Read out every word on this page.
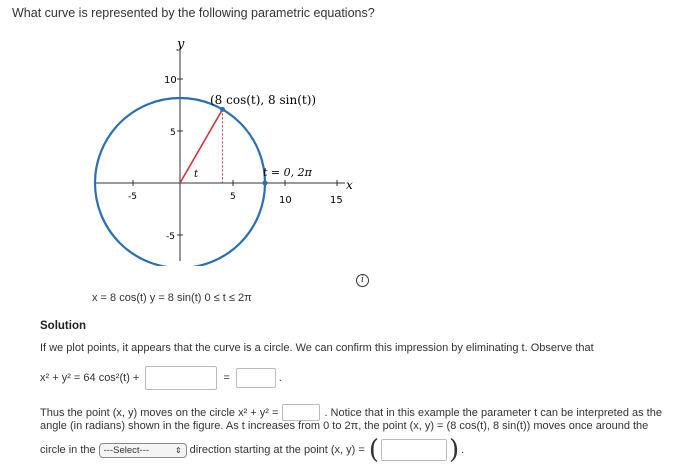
What curve is represented by the following parametric equations?
y
x
-5	5	10	15
10
5
-5
(8 cos(t), 8 sin(t))
t = 0, 2π
t
i
x = 8 cos(t) y = 8 sin(t) 0 ≤ t ≤ 2π
Solution
If we plot points, it appears that the curve is a circle. We can confirm this impression by eliminating t. Observe that
x² + y² = 64 cos²(t) +	=	.
Thus the point (x, y) moves on the circle x² + y² =	. Notice that in this example the parameter t can be interpreted as the
angle (in radians) shown in the figure. As t increases from 0 to 2π, the point (x, y) = (8 cos(t), 8 sin(t)) moves once around the
circle in the ---Select---	⇕ direction starting at the point (x, y) = (	) .
